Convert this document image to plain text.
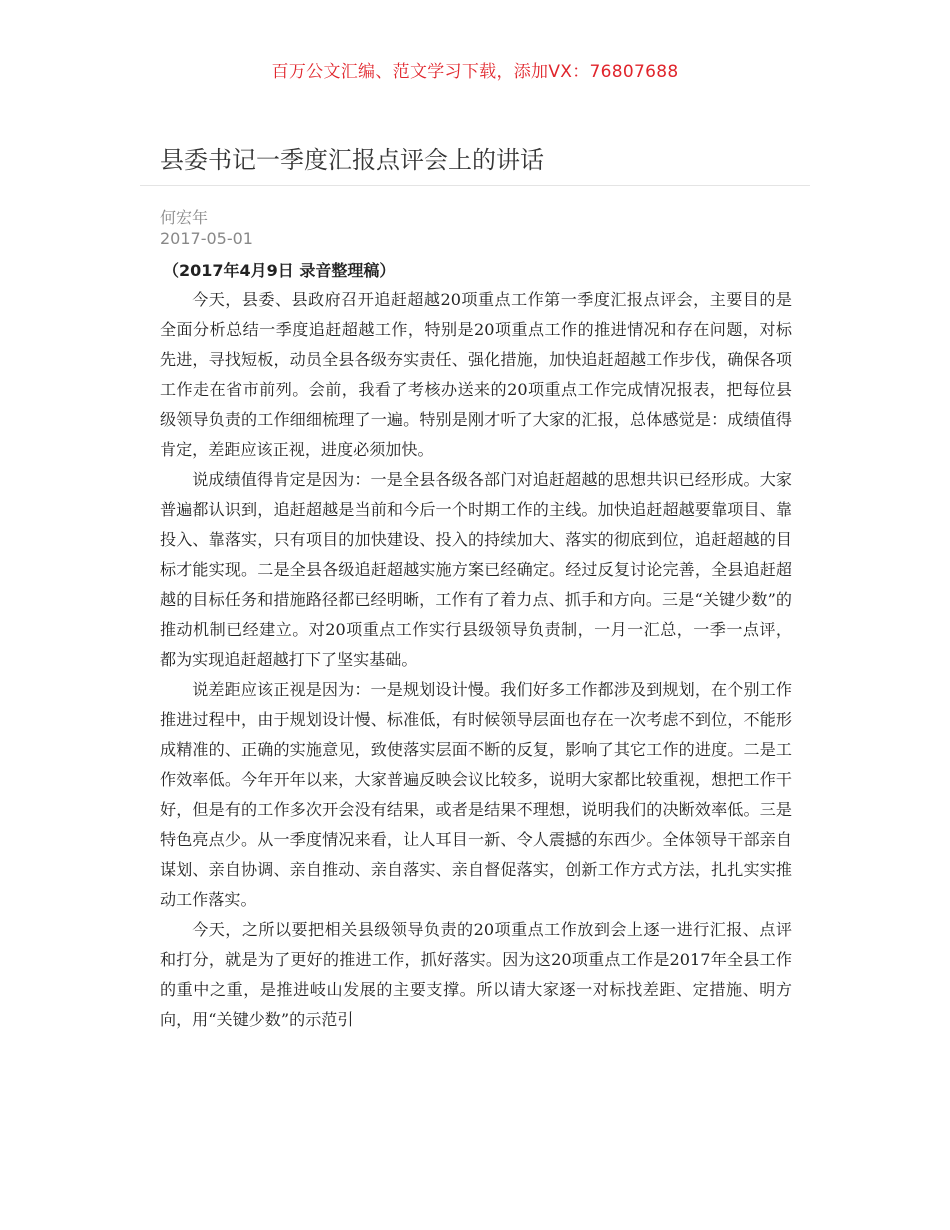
百万公文汇编、范文学习下载，添加VX：76807688
县委书记一季度汇报点评会上的讲话
何宏年
2017-05-01
（2017年4月9日 录音整理稿）

今天，县委、县政府召开追赶超越20项重点工作第一季度汇报点评会，主要目的是全面分析总结一季度追赶超越工作，特别是20项重点工作的推进情况和存在问题，对标先进，寻找短板，动员全县各级夯实责任、强化措施，加快追赶超越工作步伐，确保各项工作走在省市前列。会前，我看了考核办送来的20项重点工作完成情况报表，把每位县级领导负责的工作细细梳理了一遍。特别是刚才听了大家的汇报，总体感觉是：成绩值得肯定，差距应该正视，进度必须加快。

说成绩值得肯定是因为：一是全县各级各部门对追赶超越的思想共识已经形成。大家普遍都认识到，追赶超越是当前和今后一个时期工作的主线。加快追赶超越要靠项目、靠投入、靠落实，只有项目的加快建设、投入的持续加大、落实的彻底到位，追赶超越的目标才能实现。二是全县各级追赶超越实施方案已经确定。经过反复讨论完善，全县追赶超越的目标任务和措施路径都已经明晰，工作有了着力点、抓手和方向。三是“关键少数”的推动机制已经建立。对20项重点工作实行县级领导负责制，一月一汇总，一季一点评，都为实现追赶超越打下了坚实基础。

说差距应该正视是因为：一是规划设计慢。我们好多工作都涉及到规划，在个别工作推进过程中，由于规划设计慢、标准低，有时候领导层面也存在一次考虑不到位，不能形成精准的、正确的实施意见，致使落实层面不断的反复，影响了其它工作的进度。二是工作效率低。今年开年以来，大家普遍反映会议比较多，说明大家都比较重视，想把工作干好，但是有的工作多次开会没有结果，或者是结果不理想，说明我们的决断效率低。三是特色亮点少。从一季度情况来看，让人耳目一新、令人震撼的东西少。全体领导干部亲自谋划、亲自协调、亲自推动、亲自落实、亲自督促落实，创新工作方式方法，扎扎实实推动工作落实。

今天，之所以要把相关县级领导负责的20项重点工作放到会上逐一进行汇报、点评和打分，就是为了更好的推进工作，抓好落实。因为这20项重点工作是2017年全县工作的重中之重，是推进岐山发展的主要支撑。所以请大家逐一对标找差距、定措施、明方向，用“关键少数”的示范引
